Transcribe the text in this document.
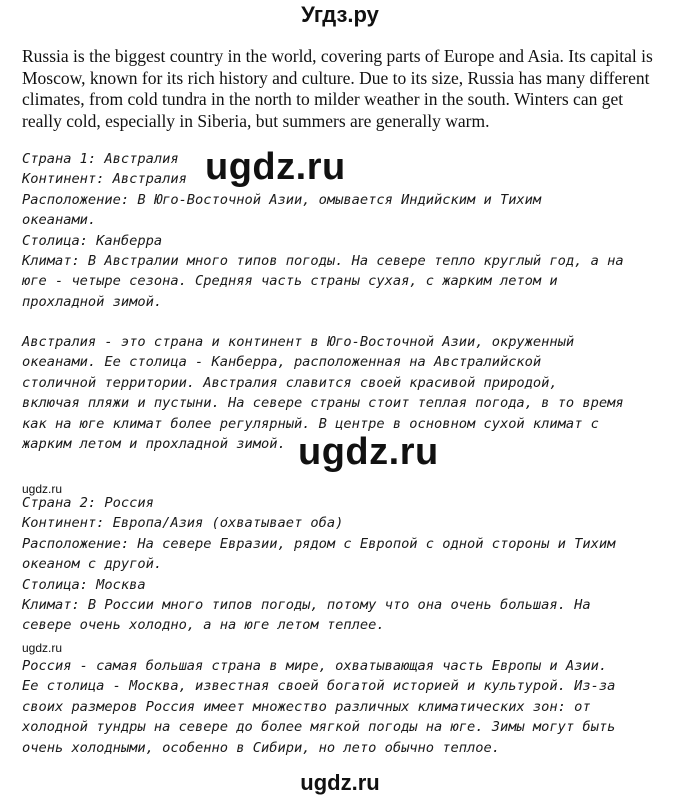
Угдз.ру

Russia is the biggest country in the world, covering parts of Europe and Asia. Its capital is Moscow, known for its rich history and culture. Due to its size, Russia has many different climates, from cold tundra in the north to milder weather in the south. Winters can get really cold, especially in Siberia, but summers are generally warm.

Страна 1: Австралия
Континент: Австралия
Расположение: В Юго-Восточной Азии, омывается Индийским и Тихим
океанами.
Столица: Канберра
Климат: В Австралии много типов погоды. На севере тепло круглый год, а на
юге - четыре сезона. Средняя часть страны сухая, с жарким летом и
прохладной зимой.
Австралия - это страна и континент в Юго-Восточной Азии, окруженный
океанами. Ее столица - Канберра, расположенная на Австралийской
столичной территории. Австралия славится своей красивой природой,
включая пляжи и пустыни. На севере страны стоит теплая погода, в то время
как на юге климат более регулярный. В центре в основном сухой климат с
жарким летом и прохладной зимой.
Страна 2: Россия
Континент: Европа/Азия (охватывает оба)
Расположение: На севере Евразии, рядом с Европой с одной стороны и Тихим
океаном с другой.
Столица: Москва
Климат: В России много типов погоды, потому что она очень большая. На
севере очень холодно, а на юге летом теплее.
Россия - самая большая страна в мире, охватывающая часть Европы и Азии.
Ее столица - Москва, известная своей богатой историей и культурой. Из-за
своих размеров Россия имеет множество различных климатических зон: от
холодной тундры на севере до более мягкой погоды на юге. Зимы могут быть
очень холодными, особенно в Сибири, но лето обычно теплое.
ugdz.ru
ugdz.ru
ugdz.ru
ugdz.ru
ugdz.ru
